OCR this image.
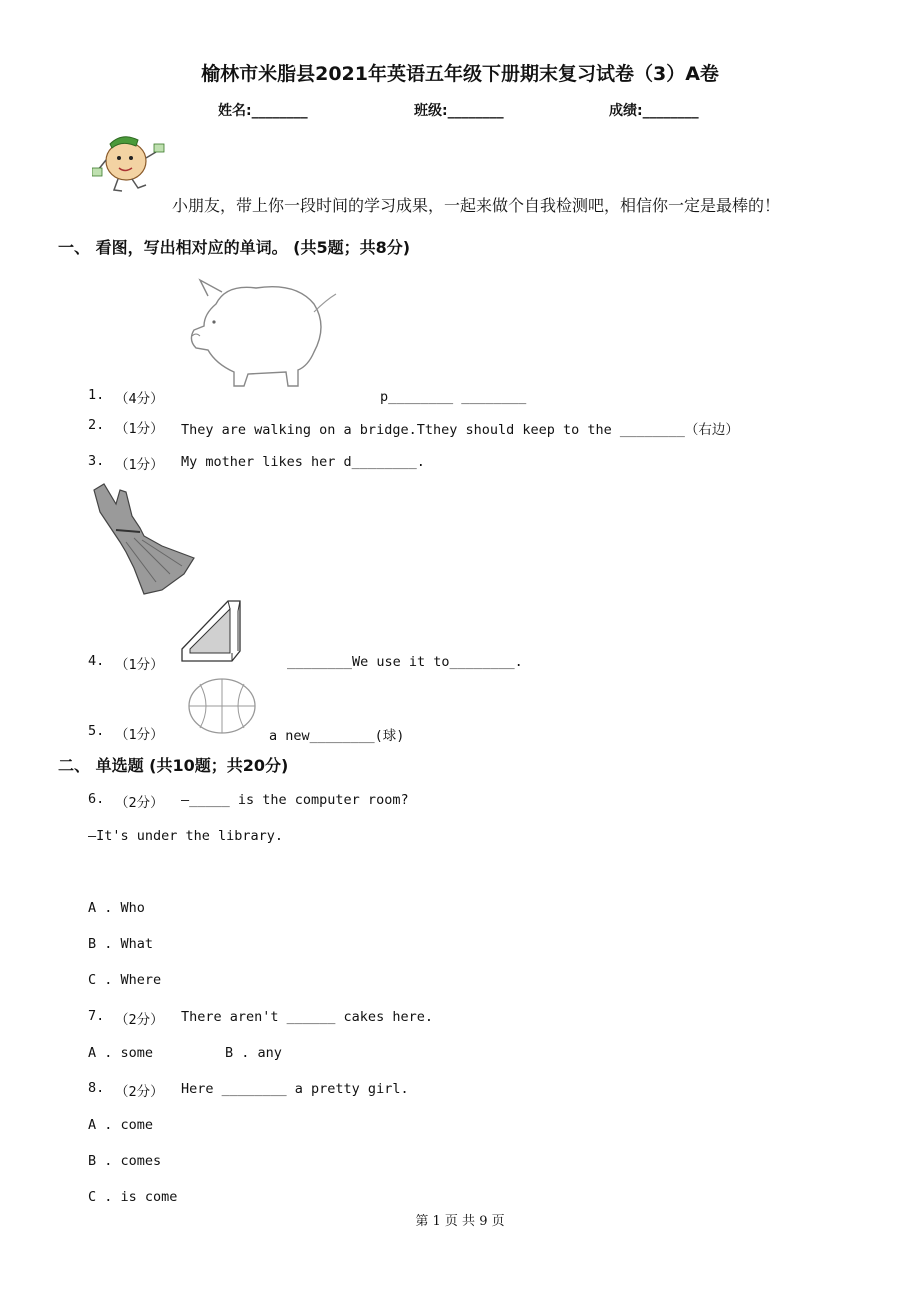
榆林市米脂县2021年英语五年级下册期末复习试卷（3）A卷
姓名:________	班级:________	成绩:________
小朋友，带上你一段时间的学习成果，一起来做个自我检测吧，相信你一定是最棒的！
一、 看图，写出相对应的单词。 (共5题；共8分)
1. （4分）	p________ ________
2. （1分） They are walking on a bridge.Tthey should keep to the ________（右边）
3. （1分） My mother likes her d________.
4. （1分）	________We use it to________.
5. （1分）	a new________(球)
二、 单选题 (共10题；共20分)
6. （2分） —_____ is the computer room?
—It's under the library.
A . Who
B . What
C . Where
7. （2分） There aren't ______ cakes here.
A . some	B . any
8. （2分） Here ________ a pretty girl.
A . come
B . comes
C . is come
第 1 页 共 9 页
